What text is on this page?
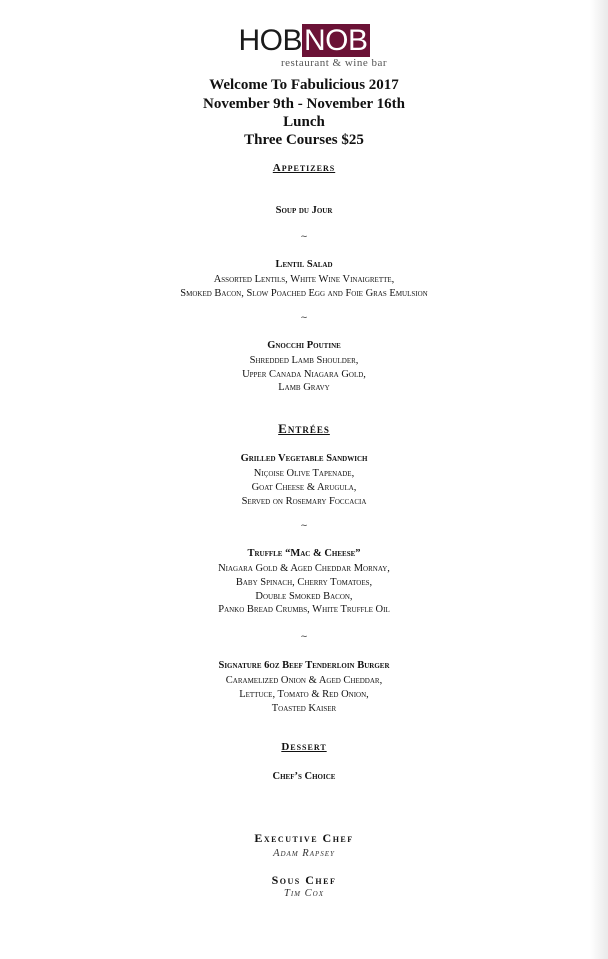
HOBNOB
restaurant & wine bar
Welcome To Fabulicious 2017
November 9th - November 16th
Lunch
Three Courses $25
Appetizers
Soup du Jour
~
Lentil Salad
Assorted Lentils, White Wine Vinaigrette,
Smoked Bacon, Slow Poached Egg and Foie Gras Emulsion
~
Gnocchi Poutine
Shredded Lamb Shoulder,
Upper Canada Niagara Gold,
Lamb Gravy
Entrées
Grilled Vegetable Sandwich
Niçoise Olive Tapenade,
Goat Cheese & Arugula,
Served on Rosemary Foccacia
~
Truffle “Mac & Cheese”
Niagara Gold & Aged Cheddar Mornay,
Baby Spinach, Cherry Tomatoes,
Double Smoked Bacon,
Panko Bread Crumbs, White Truffle Oil
~
Signature 6oz Beef Tenderloin Burger
Caramelized Onion & Aged Cheddar,
Lettuce, Tomato & Red Onion,
Toasted Kaiser
Dessert
Chef’s Choice
Executive Chef
Adam Rapsey
Sous Chef
Tim Cox
